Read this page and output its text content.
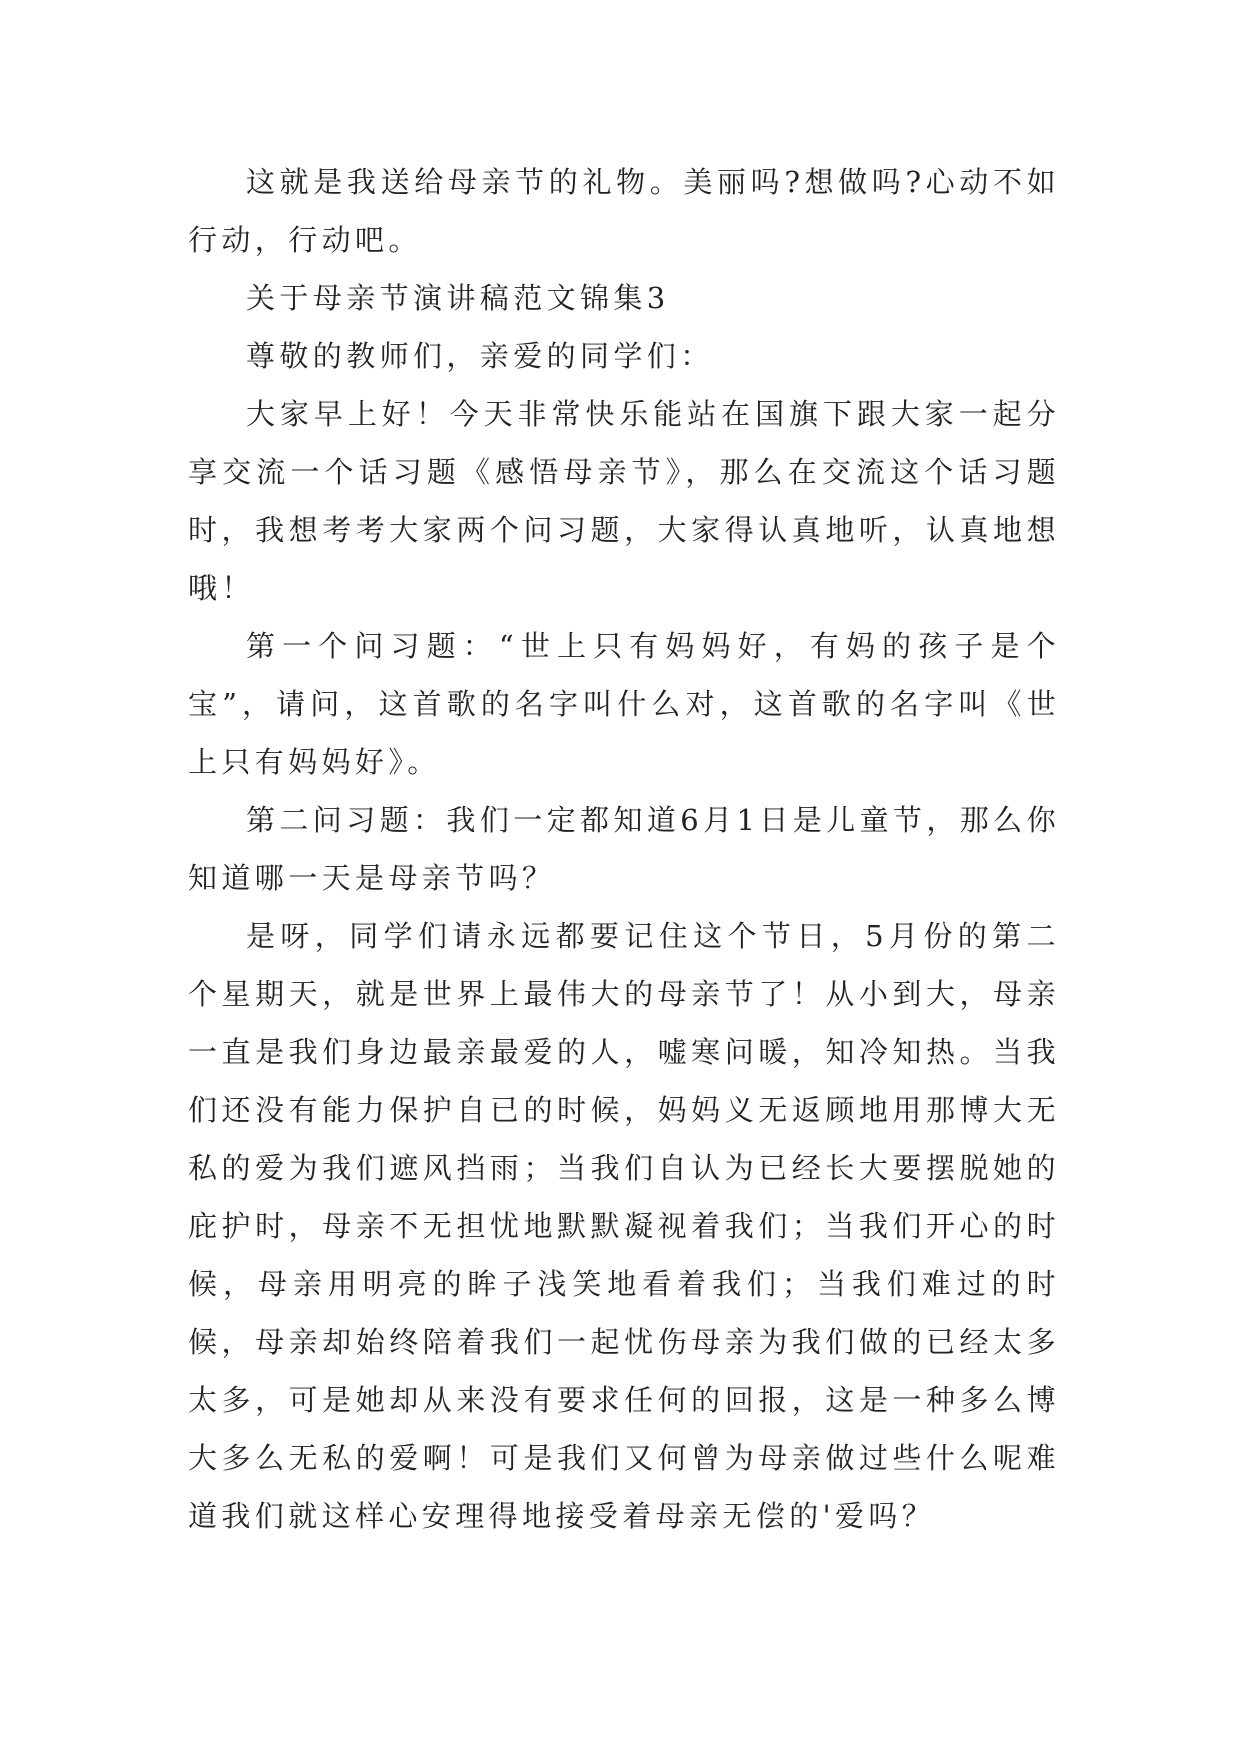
这就是我送给母亲节的礼物。美丽吗?想做吗?心动不如行动，行动吧。

关于母亲节演讲稿范文锦集3

尊敬的教师们，亲爱的同学们：

大家早上好！今天非常快乐能站在国旗下跟大家一起分享交流一个话习题《感悟母亲节》，那么在交流这个话习题时，我想考考大家两个问习题，大家得认真地听，认真地想哦！

第一个问习题：“世上只有妈妈好，有妈的孩子是个宝”，请问，这首歌的名字叫什么对，这首歌的名字叫《世上只有妈妈好》。

第二问习题：我们一定都知道6月1日是儿童节，那么你知道哪一天是母亲节吗？

是呀，同学们请永远都要记住这个节日，5月份的第二个星期天，就是世界上最伟大的母亲节了！从小到大，母亲一直是我们身边最亲最爱的人，嘘寒问暖，知冷知热。当我们还没有能力保护自已的时候，妈妈义无返顾地用那博大无私的爱为我们遮风挡雨；当我们自认为已经长大要摆脱她的庇护时，母亲不无担忧地默默凝视着我们；当我们开心的时候，母亲用明亮的眸子浅笑地看着我们；当我们难过的时候，母亲却始终陪着我们一起忧伤母亲为我们做的已经太多太多，可是她却从来没有要求任何的回报，这是一种多么博大多么无私的爱啊！可是我们又何曾为母亲做过些什么呢难道我们就这样心安理得地接受着母亲无偿的'爱吗？
